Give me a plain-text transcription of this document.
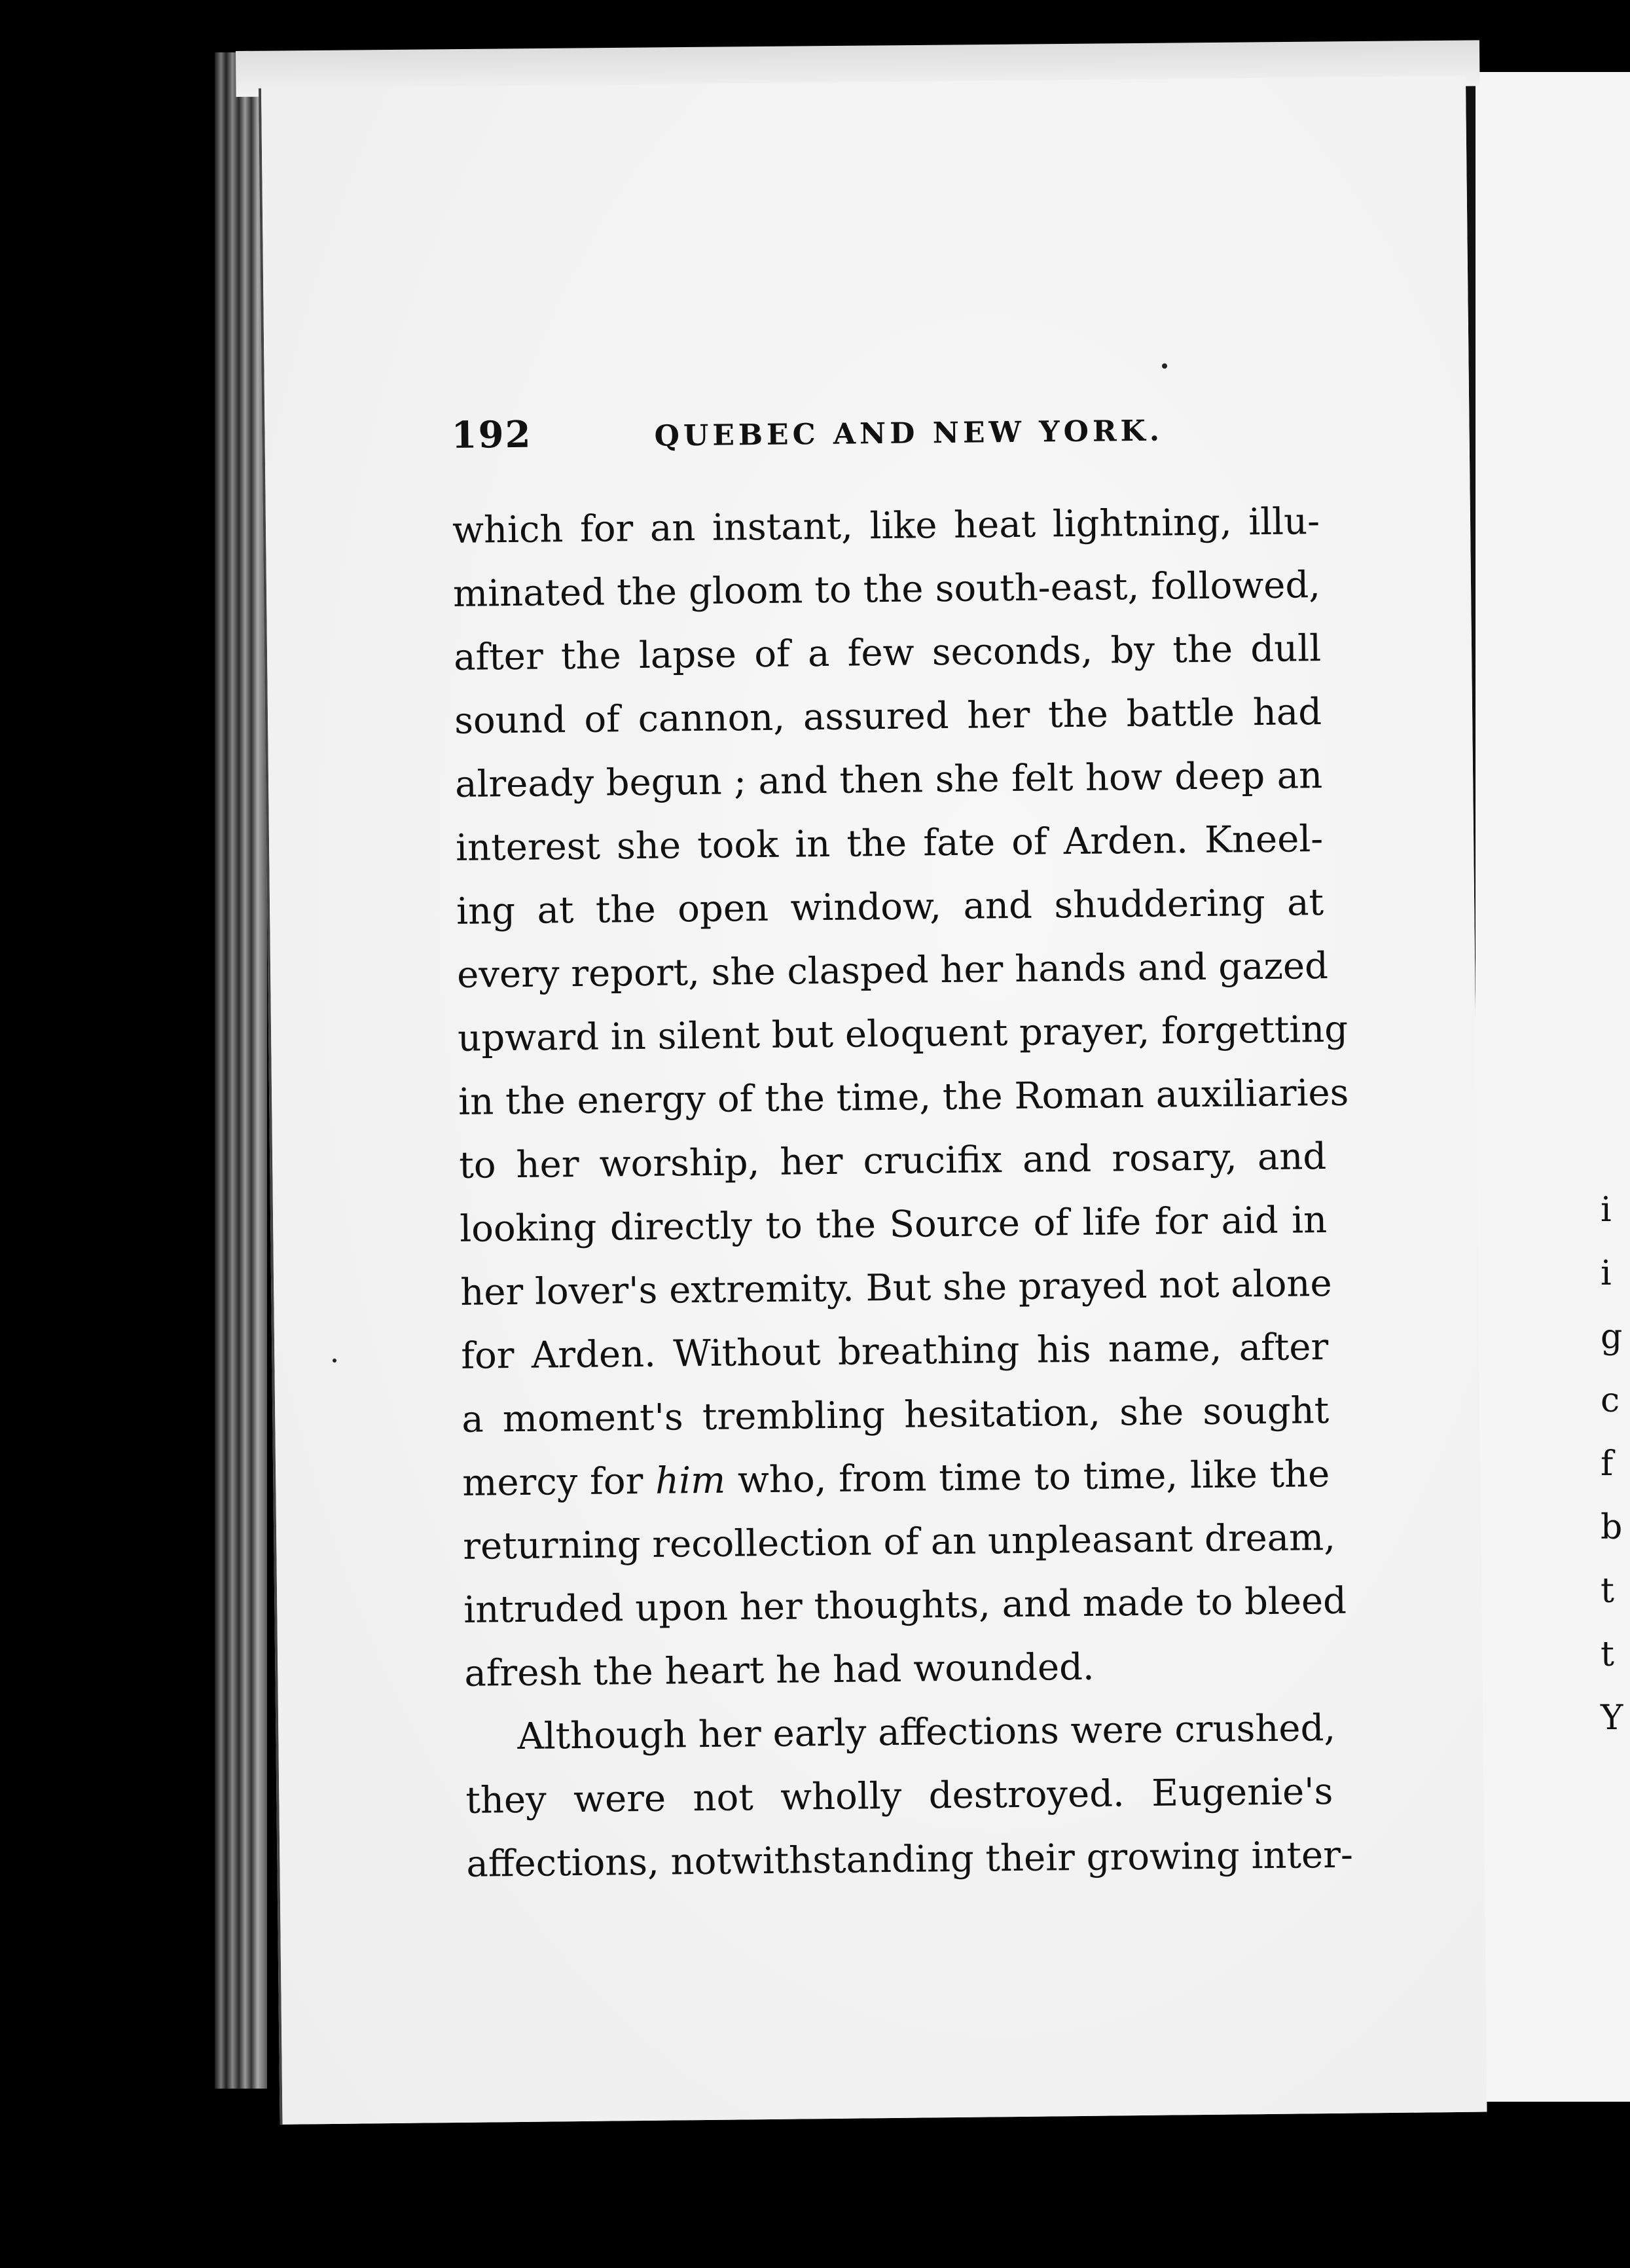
192	QUEBEC AND NEW YORK.
which for an instant, like heat lightning, illu-
minated the gloom to the south-east, followed,
after the lapse of a few seconds, by the dull
sound of cannon, assured her the battle had
already begun ; and then she felt how deep an
interest she took in the fate of Arden. Kneel-
ing at the open window, and shuddering at
every report, she clasped her hands and gazed
upward in silent but eloquent prayer, forgetting
in the energy of the time, the Roman auxiliaries
to her worship, her crucifix and rosary, and
looking directly to the Source of life for aid in
her lover's extremity. But she prayed not alone
for Arden. Without breathing his name, after
a moment's trembling hesitation, she sought
mercy for him who, from time to time, like the
returning recollection of an unpleasant dream,
intruded upon her thoughts, and made to bleed
afresh the heart he had wounded.
Although her early affections were crushed,
they were not wholly destroyed. Eugenie's
affections, notwithstanding their growing inter-
i
i
g
c
f
b
t
t
Y
